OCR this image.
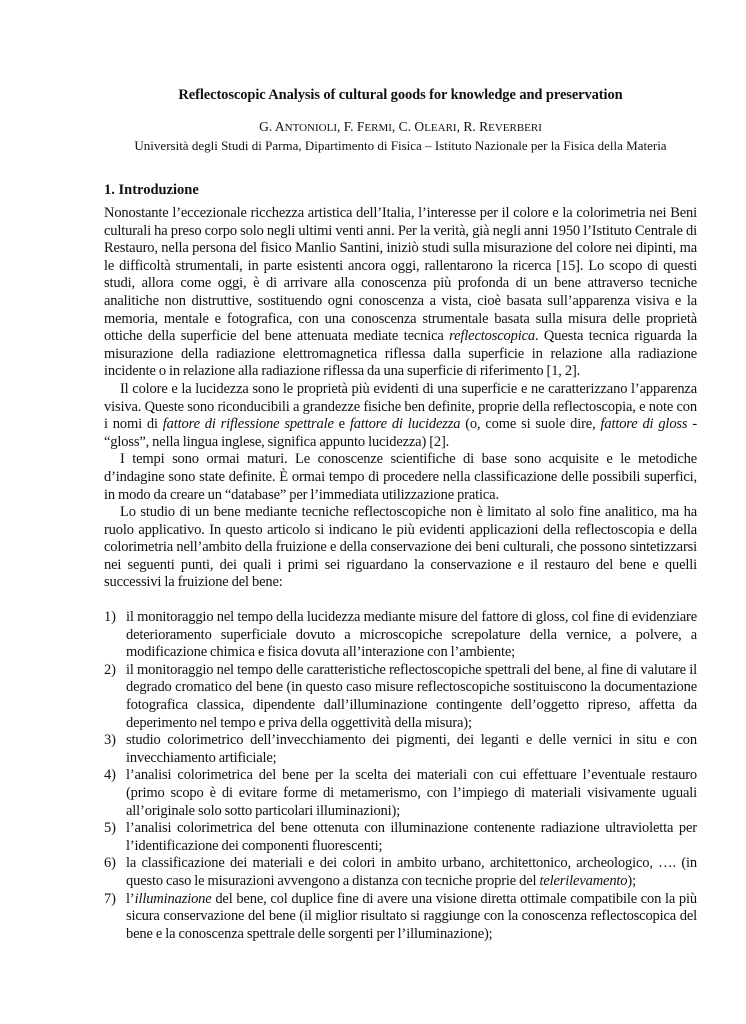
Reflectoscopic Analysis of cultural goods for knowledge and preservation
G. ANTONIOLI, F. FERMI, C. OLEARI, R. REVERBERI
Università degli Studi di Parma, Dipartimento di Fisica – Istituto Nazionale per la Fisica della Materia
1. Introduzione

Nonostante l’eccezionale ricchezza artistica dell’Italia, l’interesse per il colore e la colorimetria nei Beni culturali ha preso corpo solo negli ultimi venti anni. Per la verità, già negli anni 1950 l’Istituto Centrale di Restauro, nella persona del fisico Manlio Santini, iniziò studi sulla misurazione del colore nei dipinti, ma le difficoltà strumentali, in parte esistenti ancora oggi, rallentarono la ricerca [15]. Lo scopo di questi studi, allora come oggi, è di arrivare alla conoscenza più profonda di un bene attraverso tecniche analitiche non distruttive, sostituendo ogni conoscenza a vista, cioè basata sull’apparenza visiva e la memoria, mentale e fotografica, con una conoscenza strumentale basata sulla misura delle proprietà ottiche della superficie del bene attenuata mediate tecnica reflectoscopica. Questa tecnica riguarda la misurazione della radiazione elettromagnetica riflessa dalla superficie in relazione alla radiazione incidente o in relazione alla radiazione riflessa da una superficie di riferimento [1, 2].

Il colore e la lucidezza sono le proprietà più evidenti di una superficie e ne caratterizzano l’apparenza visiva. Queste sono riconducibili a grandezze fisiche ben definite, proprie della reflectoscopia, e note con i nomi di fattore di riflessione spettrale e fattore di lucidezza (o, come si suole dire, fattore di gloss - “gloss”, nella lingua inglese, significa appunto lucidezza) [2].

I tempi sono ormai maturi. Le conoscenze scientifiche di base sono acquisite e le metodiche d’indagine sono state definite. È ormai tempo di procedere nella classificazione delle possibili superfici, in modo da creare un “database” per l’immediata utilizzazione pratica.

Lo studio di un bene mediante tecniche reflectoscopiche non è limitato al solo fine analitico, ma ha ruolo applicativo. In questo articolo si indicano le più evidenti applicazioni della reflectoscopia e della colorimetria nell’ambito della fruizione e della conservazione dei beni culturali, che possono sintetizzarsi nei seguenti punti, dei quali i primi sei riguardano la conservazione e il restauro del bene e quelli successivi la fruizione del bene:

1) il monitoraggio nel tempo della lucidezza mediante misure del fattore di gloss, col fine di evidenziare deterioramento superficiale dovuto a microscopiche screpolature della vernice, a polvere, a modificazione chimica e fisica dovuta all’interazione con l’ambiente;
2) il monitoraggio nel tempo delle caratteristiche reflectoscopiche spettrali del bene, al fine di valutare il degrado cromatico del bene (in questo caso misure reflectoscopiche sostituiscono la documentazione fotografica classica, dipendente dall’illuminazione contingente dell’oggetto ripreso, affetta da deperimento nel tempo e priva della oggettività della misura);
3) studio colorimetrico dell’invecchiamento dei pigmenti, dei leganti e delle vernici in situ e con invecchiamento artificiale;
4) l’analisi colorimetrica del bene per la scelta dei materiali con cui effettuare l’eventuale restauro (primo scopo è di evitare forme di metamerismo, con l’impiego di materiali visivamente uguali all’originale solo sotto particolari illuminazioni);
5) l’analisi colorimetrica del bene ottenuta con illuminazione contenente radiazione ultravioletta per l’identificazione dei componenti fluorescenti;
6) la classificazione dei materiali e dei colori in ambito urbano, architettonico, archeologico, …. (in questo caso le misurazioni avvengono a distanza con tecniche proprie del telerilevamento);
7) l’illuminazione del bene, col duplice fine di avere una visione diretta ottimale compatibile con la più sicura conservazione del bene (il miglior risultato si raggiunge con la conoscenza reflectoscopica del bene e la conoscenza spettrale delle sorgenti per l’illuminazione);
